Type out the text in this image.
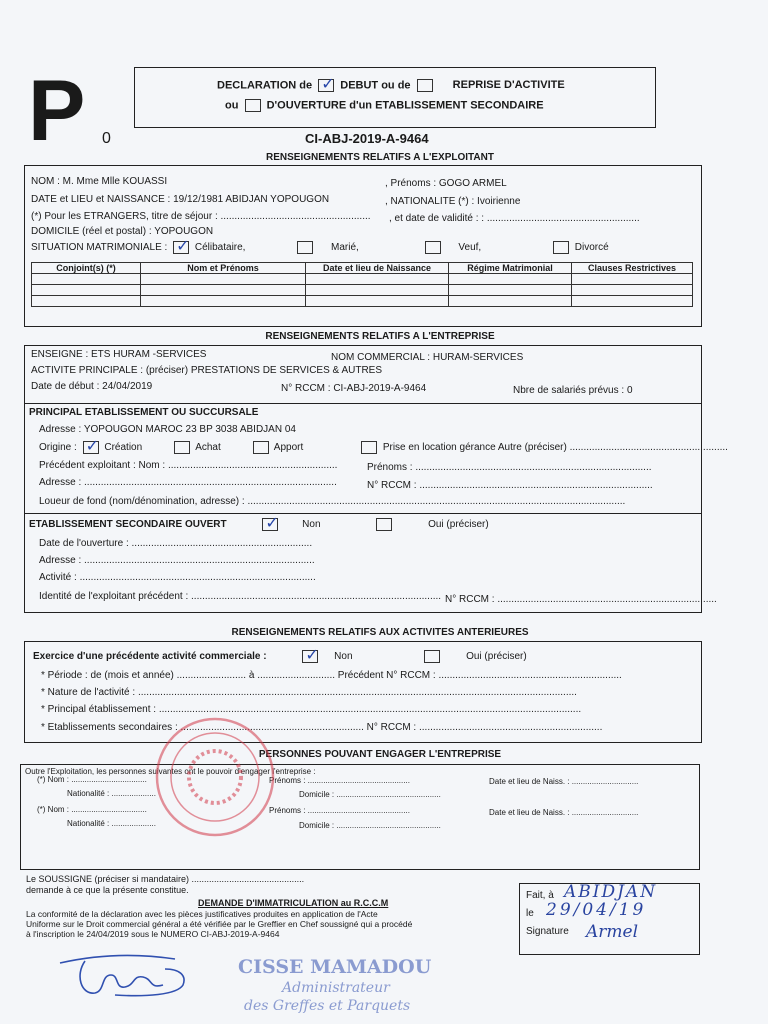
P 0
DECLARATION de ✓ DEBUT ou de	REPRISE D'ACTIVITE
ou	D'OUVERTURE d'un ETABLISSEMENT SECONDAIRE
CI-ABJ-2019-A-9464
RENSEIGNEMENTS RELATIFS A L'EXPLOITANT
NOM : M. Mme Mlle KOUASSI	, Prénoms : GOGO ARMEL
DATE et LIEU et NAISSANCE : 19/12/1981 ABIDJAN YOPOUGON	, NATIONALITE (*) : Ivoirienne
(*) Pour les ETRANGERS, titre de séjour : ...................................................... , et date de validité : : .......................................................
DOMICILE (réel et postal) : YOPOUGON
SITUATION MATRIMONIALE : ✓ Célibataire,	Marié,	Veuf,	Divorcé
Conjoint(s) (*)	Nom et Prénoms	Date et lieu de Naissance	Régime Matrimonial	Clauses Restrictives

RENSEIGNEMENTS RELATIFS A L'ENTREPRISE
ENSEIGNE : ETS HURAM -SERVICES	NOM COMMERCIAL : HURAM-SERVICES
ACTIVITE PRINCIPALE : (préciser) PRESTATIONS DE SERVICES & AUTRES
Date de début : 24/04/2019	N° RCCM : CI-ABJ-2019-A-9464	Nbre de salariés prévus : 0
PRINCIPAL ETABLISSEMENT OU SUCCURSALE
Adresse : YOPOUGON MAROC 23 BP 3038 ABIDJAN 04
Origine : ✓ Création	Achat	Apport	Prise en location gérance Autre (préciser) .........................................................
Précédent exploitant : Nom : .............................................................	Prénoms : .....................................................................................
Adresse : ...........................................................................................	N° RCCM : ....................................................................................
Loueur de fond (nom/dénomination, adresse) : ........................................................................................................................................
ETABLISSEMENT SECONDAIRE OUVERT ✓ Non	Oui (préciser)
Date de l'ouverture : .................................................................
Adresse : ...................................................................................
Activité : .....................................................................................
Identité de l'exploitant précédent : .......................................................................................... N° RCCM : ...............................................................................
RENSEIGNEMENTS RELATIFS AUX ACTIVITES ANTERIEURES
Exercice d'une précédente activité commerciale : ✓ Non	Oui (préciser)
* Période : de (mois et année) ......................... à ............................ Précédent N° RCCM : ..................................................................
* Nature de l'activité : ..............................................................................................................................................................
* Principal établissement : ........................................................................................................................................................
* Etablissements secondaires : .................................................................. N° RCCM : ..................................................................
PERSONNES POUVANT ENGAGER L'ENTREPRISE
Outre l'Exploitation, les personnes suivantes ont le pouvoir d'engager l'entreprise :
(*) Nom : ..................................	Prénoms : ..............................................	Date et lieu de Naiss. : ..............................
Nationalité : ....................	Domicile : ...............................................
(*) Nom : ..................................	Prénoms : ..............................................	Date et lieu de Naiss. : ..............................
Nationalité : ....................	Domicile : ...............................................
Le SOUSSIGNE (préciser si mandataire) .............................................
demande à ce que la présente constitue.
DEMANDE D'IMMATRICULATION au R.C.C.M
La conformité de la déclaration avec les pièces justificatives produites en application de l'Acte
Uniforme sur le Droit commercial général a été vérifiée par le Greffier en Chef soussigné qui a procédé
à l'inscription le 24/04/2019 sous le NUMERO CI-ABJ-2019-A-9464
Fait, à ABIDJAN
le 29/04/19
Signature Armel
CISSE MAMADOU
Administrateur
des Greffes et Parquets
